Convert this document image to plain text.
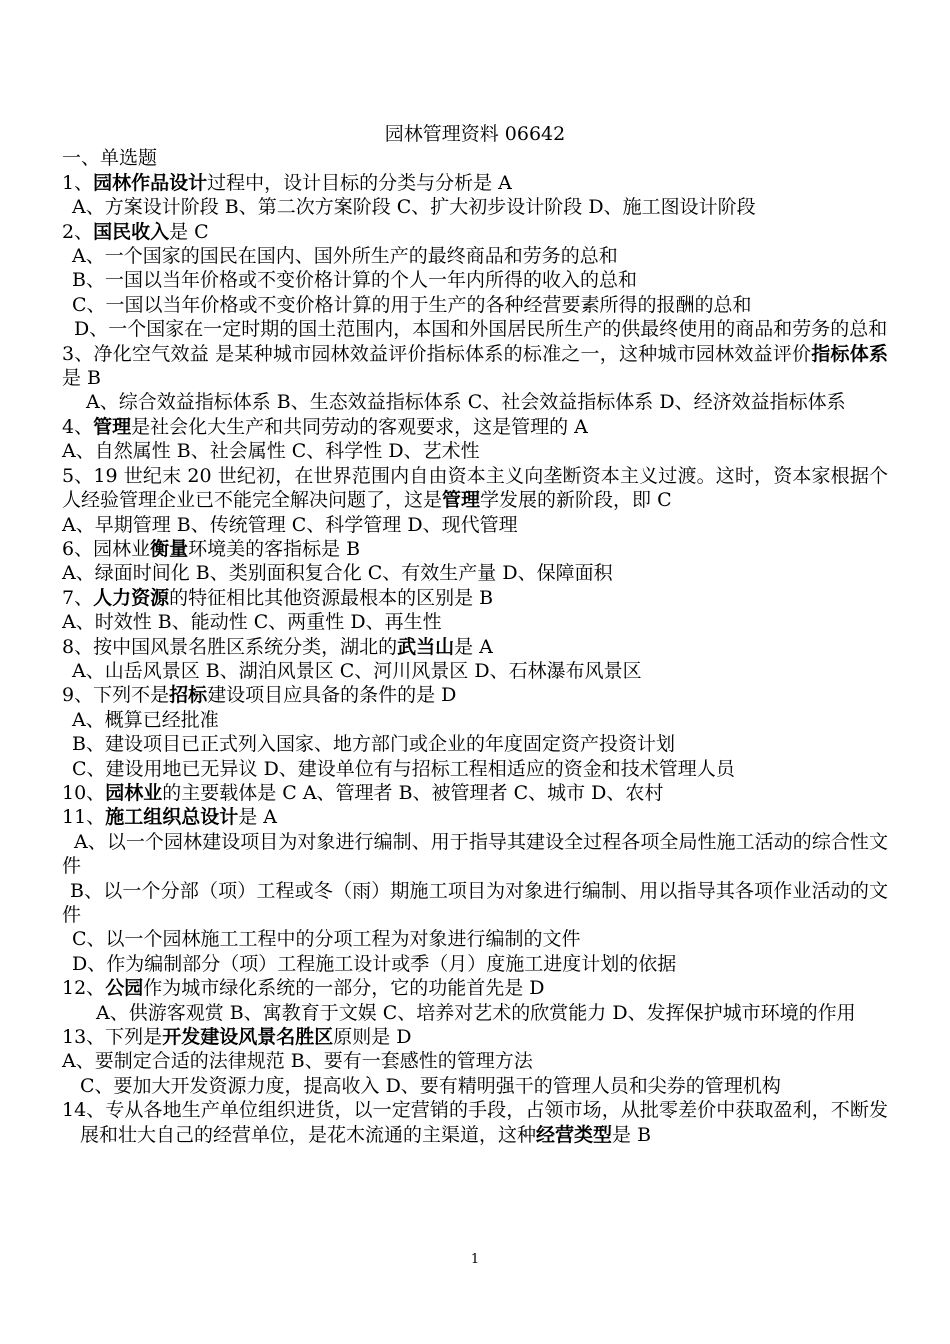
园林管理资料 06642
一、单选题
1、园林作品设计过程中，设计目标的分类与分析是 A
A、方案设计阶段 B、第二次方案阶段 C、扩大初步设计阶段 D、施工图设计阶段
2、国民收入是 C
A、一个国家的国民在国内、国外所生产的最终商品和劳务的总和
B、一国以当年价格或不变价格计算的个人一年内所得的收入的总和
C、一国以当年价格或不变价格计算的用于生产的各种经营要素所得的报酬的总和
D、一个国家在一定时期的国土范围内，本国和外国居民所生产的供最终使用的商品和劳务的总和
3、净化空气效益 是某种城市园林效益评价指标体系的标准之一，这种城市园林效益评价指标体系是 B
A、综合效益指标体系 B、生态效益指标体系 C、社会效益指标体系 D、经济效益指标体系
4、管理是社会化大生产和共同劳动的客观要求，这是管理的 A
A、自然属性 B、社会属性 C、科学性 D、艺术性
5、19 世纪末 20 世纪初，在世界范围内自由资本主义向垄断资本主义过渡。这时，资本家根据个人经验管理企业已不能完全解决问题了，这是管理学发展的新阶段，即 C
A、早期管理 B、传统管理 C、科学管理 D、现代管理
6、园林业衡量环境美的客指标是 B
A、绿面时间化 B、类别面积复合化 C、有效生产量 D、保障面积
7、人力资源的特征相比其他资源最根本的区别是 B
A、时效性 B、能动性 C、两重性 D、再生性
8、按中国风景名胜区系统分类，湖北的武当山是 A
A、山岳风景区 B、湖泊风景区 C、河川风景区 D、石林瀑布风景区
9、下列不是招标建设项目应具备的条件的是 D
A、概算已经批准
B、建设项目已正式列入国家、地方部门或企业的年度固定资产投资计划
C、建设用地已无异议 D、建设单位有与招标工程相适应的资金和技术管理人员
10、园林业的主要载体是 C A、管理者 B、被管理者 C、城市 D、农村
11、施工组织总设计是 A
A、以一个园林建设项目为对象进行编制、用于指导其建设全过程各项全局性施工活动的综合性文件
B、以一个分部（项）工程或冬（雨）期施工项目为对象进行编制、用以指导其各项作业活动的文件
C、以一个园林施工工程中的分项工程为对象进行编制的文件
D、作为编制部分（项）工程施工设计或季（月）度施工进度计划的依据
12、公园作为城市绿化系统的一部分，它的功能首先是 D
A、供游客观赏 B、寓教育于文娱 C、培养对艺术的欣赏能力 D、发挥保护城市环境的作用
13、下列是开发建设风景名胜区原则是 D
A、要制定合适的法律规范 B、要有一套感性的管理方法
C、要加大开发资源力度，提高收入 D、要有精明强干的管理人员和尖券的管理机构
14、专从各地生产单位组织进货，以一定营销的手段，占领市场，从批零差价中获取盈利，不断发展和壮大自己的经营单位，是花木流通的主渠道，这种经营类型是 B
1
